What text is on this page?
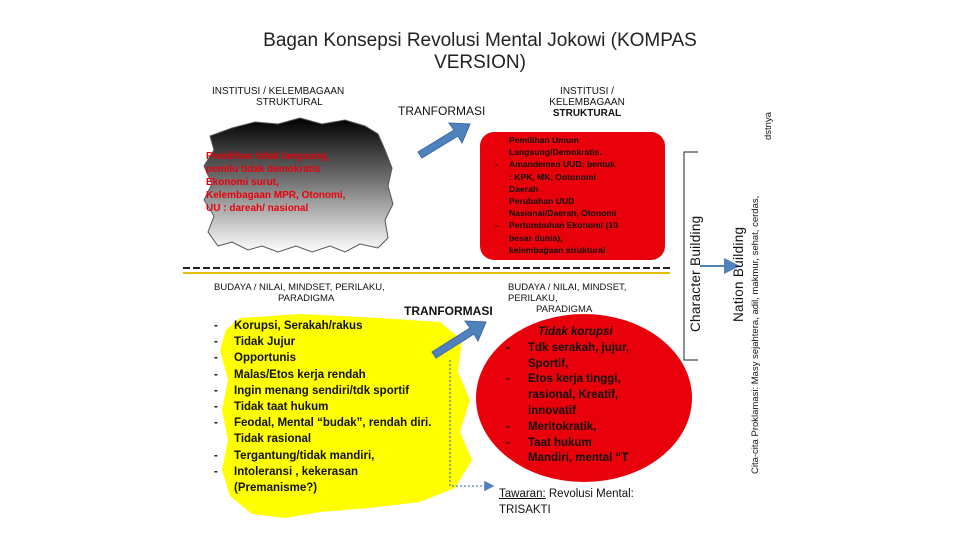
Bagan Konsepsi Revolusi Mental Jokowi (KOMPAS
VERSION)
INSTITUSI / KELEMBAGAAN
STRUKTURAL
TRANFORMASI
INSTITUSI /
KELEMBAGAAN
STRUKTURAL
Pemilihan tidak langsung,
pemilu tidak demokratis
Ekonomi surut,
Kelembagaan MPR, Otonomi,
UU : dareah/ nasional
Pemilihan Umum
Langsung/Demokratis.
- Amandemen UUD: bentuk
: KPK, MK, Ootonomi
Daerah
Perubahan UUD
Nasional/Daerah, Otonomi
- Pertumbuhan Ekonomi (10
besar dunia),
kelembagaan struktural
BUDAYA / NILAI, MINDSET, PERILAKU,
PARADIGMA
BUDAYA / NILAI, MINDSET, PERILAKU,
PARADIGMA
TRANFORMASI
- Korupsi, Serakah/rakus
- Tidak Jujur
- Opportunis
- Malas/Etos kerja rendah
- Ingin menang sendiri/tdk sportif
- Tidak taat hukum
- Feodal, Mental “budak”, rendah diri.
Tidak rasional
- Tergantung/tidak mandiri,
- Intoleransi , kekerasan
(Premanisme?)
Tidak korupsi
- Tdk serakah, jujur,
Sportif,
- Etos kerja tinggi,
rasional, Kreatif,
innovatif
- Meritokratik,
- Taat hukum
Mandiri, mental “T
Tawaran: Revolusi Mental:
TRISAKTI
Character Building Nation Building Cita-cita Proklamasi: Masy sejahtera, adil, makmur, sehat, cerdas,
dstnya
